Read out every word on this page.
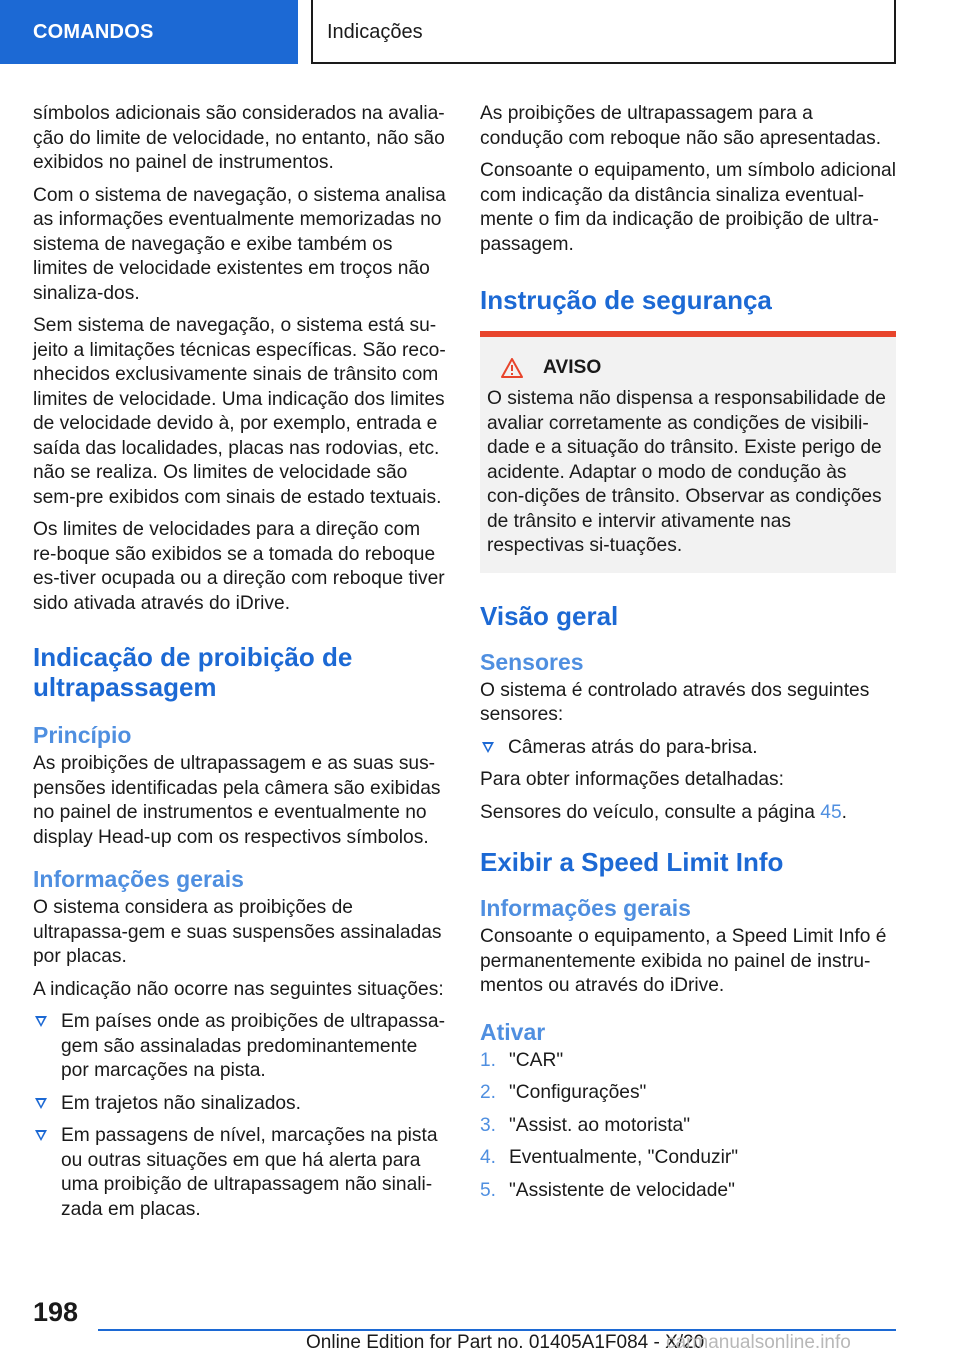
COMANDOS	Indicações

símbolos adicionais são considerados na avalia-ção do limite de velocidade, no entanto, não são exibidos no painel de instrumentos.

Com o sistema de navegação, o sistema analisa as informações eventualmente memorizadas no sistema de navegação e exibe também os limites de velocidade existentes em troços não sinaliza-dos.

Sem sistema de navegação, o sistema está su-jeito a limitações técnicas específicas. São reco-nhecidos exclusivamente sinais de trânsito com limites de velocidade. Uma indicação dos limites de velocidade devido à, por exemplo, entrada e saída das localidades, placas nas rodovias, etc. não se realiza. Os limites de velocidade são sem-pre exibidos com sinais de estado textuais.

Os limites de velocidades para a direção com re-boque são exibidos se a tomada do reboque es-tiver ocupada ou a direção com reboque tiver sido ativada através do iDrive.

Indicação de proibição de ultrapassagem
Princípio

As proibições de ultrapassagem e as suas sus-pensões identificadas pela câmera são exibidas no painel de instrumentos e eventualmente no display Head-up com os respectivos símbolos.

Informações gerais

O sistema considera as proibições de ultrapassa-gem e suas suspensões assinaladas por placas.

A indicação não ocorre nas seguintes situações:

Em países onde as proibições de ultrapassa-gem são assinaladas predominantemente por marcações na pista.
Em trajetos não sinalizados.
Em passagens de nível, marcações na pista ou outras situações em que há alerta para uma proibição de ultrapassagem não sinali-zada em placas.

As proibições de ultrapassagem para a condução com reboque não são apresentadas.

Consoante o equipamento, um símbolo adicional com indicação da distância sinaliza eventual-mente o fim da indicação de proibição de ultra-passagem.

Instrução de segurança
AVISO

O sistema não dispensa a responsabilidade de avaliar corretamente as condições de visibili-dade e a situação do trânsito. Existe perigo de acidente. Adaptar o modo de condução às con-dições de trânsito. Observar as condições de trânsito e intervir ativamente nas respectivas si-tuações.

Visão geral
Sensores

O sistema é controlado através dos seguintes sensores:

Câmeras atrás do para-brisa.

Para obter informações detalhadas:

Sensores do veículo, consulte a página 45.

Exibir a Speed Limit Info
Informações gerais

Consoante o equipamento, a Speed Limit Info é permanentemente exibida no painel de instru-mentos ou através do iDrive.

Ativar
1. "CAR"
2. "Configurações"
3. "Assist. ao motorista"
4. Eventualmente, "Conduzir"
5. "Assistente de velocidade"
198
Online Edition for Part no. 01405A1F084 - X/20
carmanualsonline.info
